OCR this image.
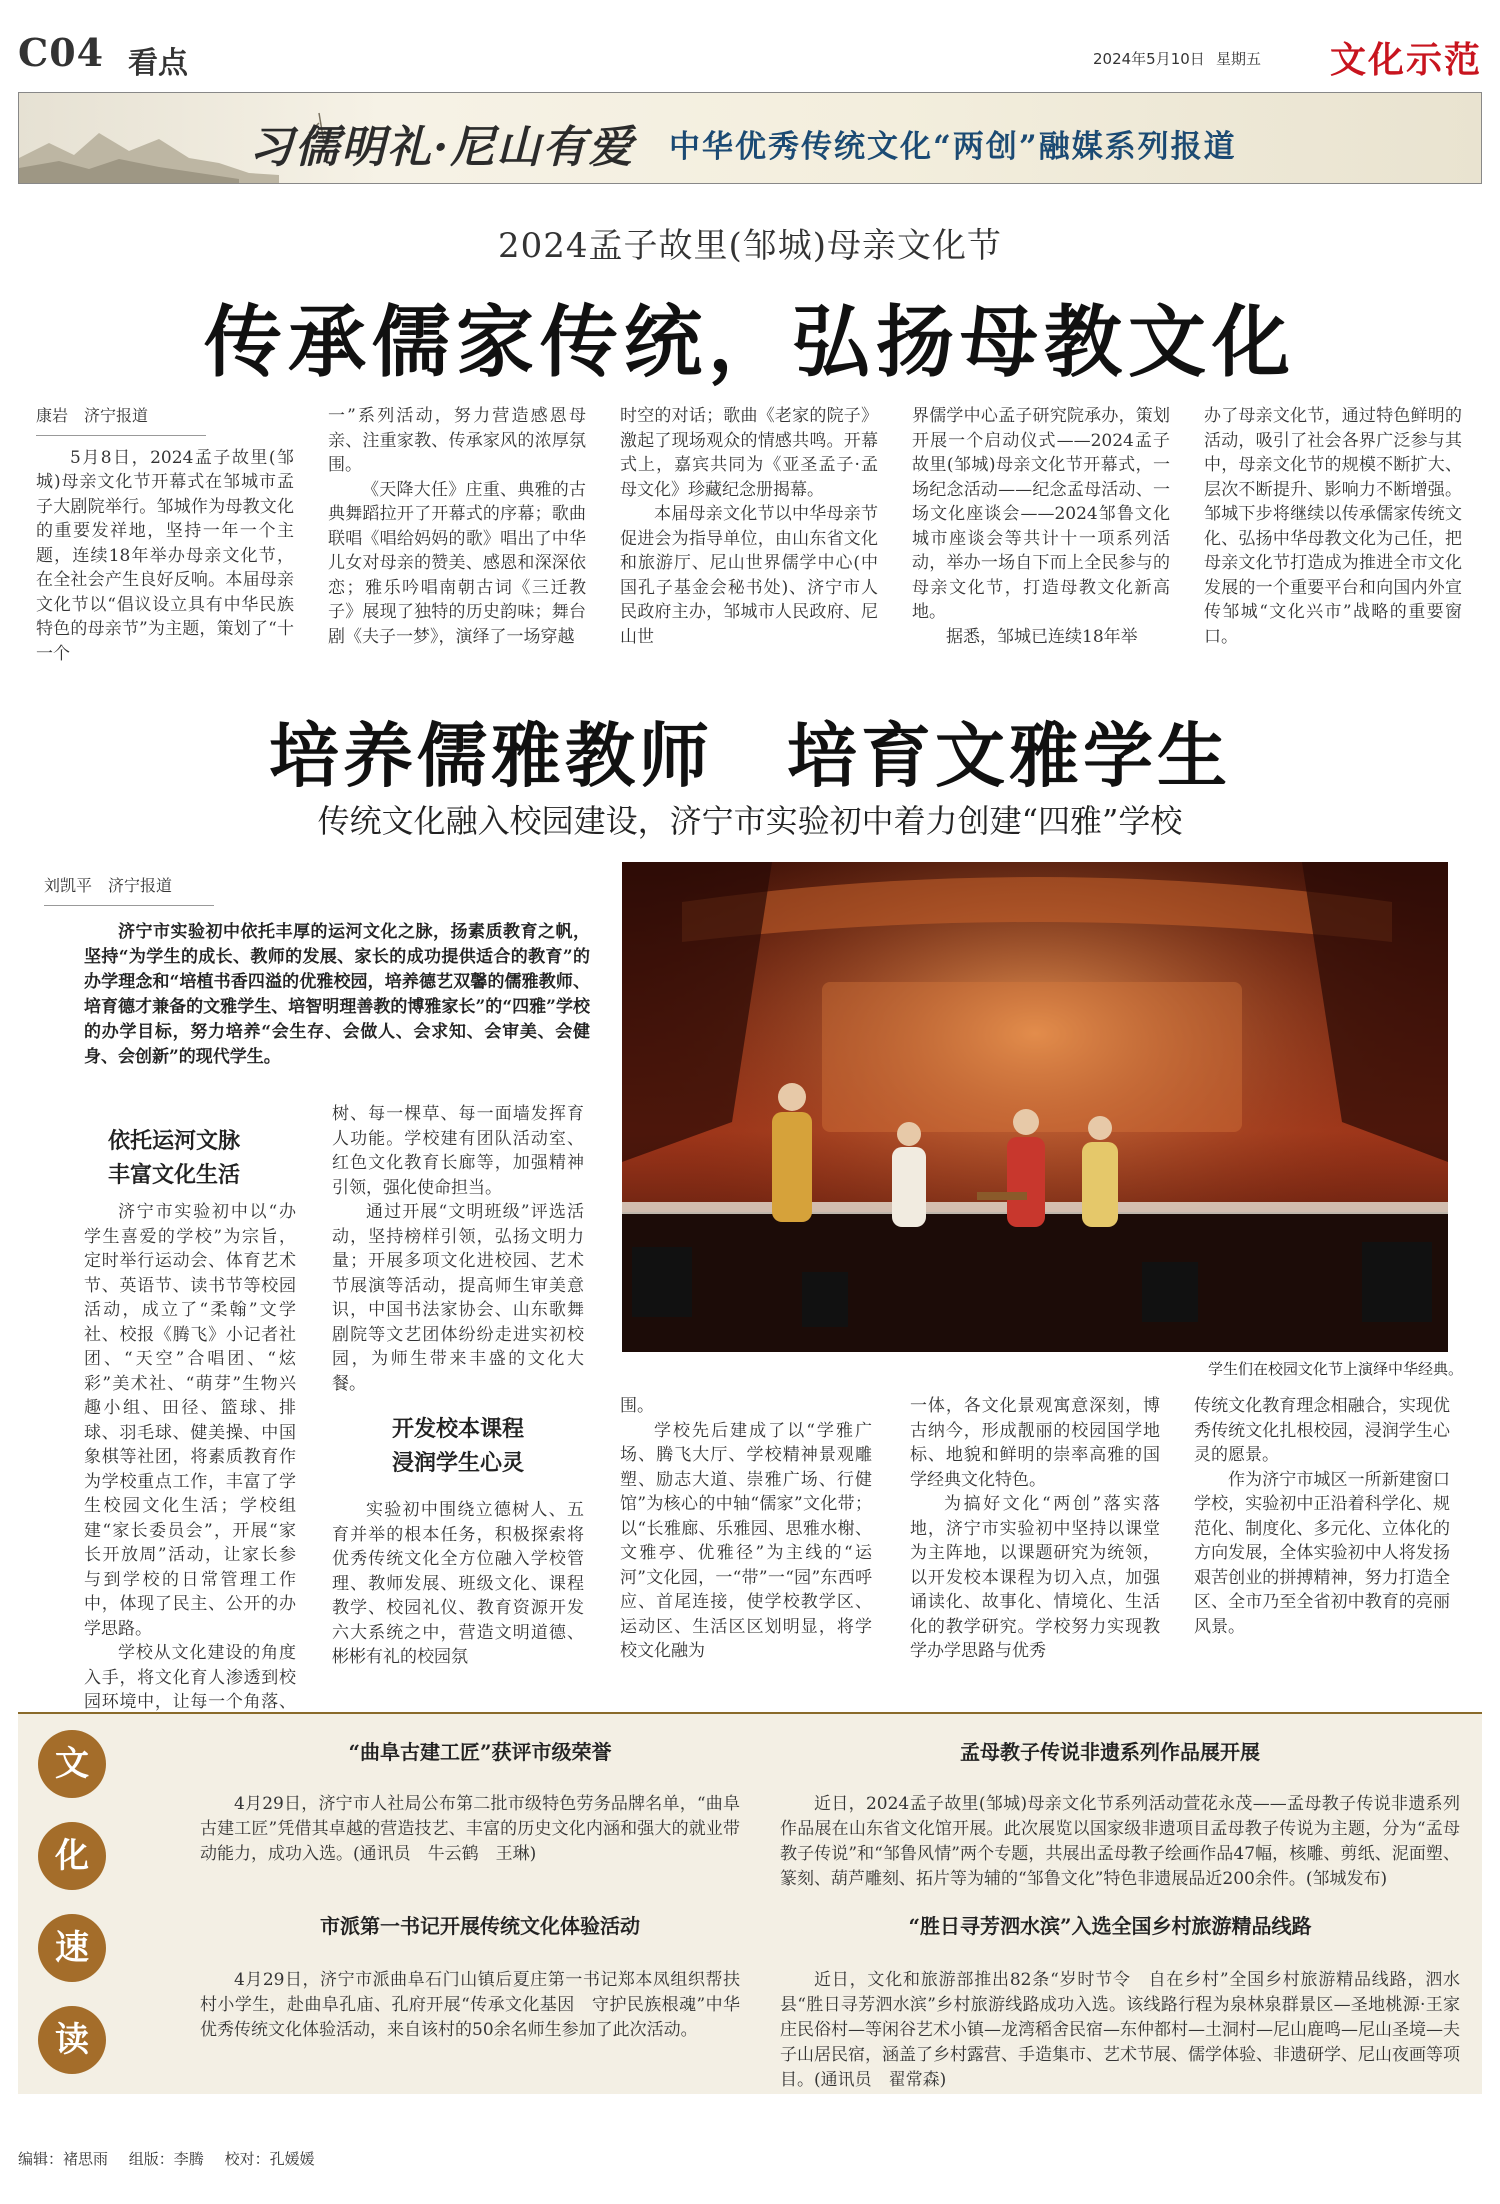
C04 看点	2024年5月10日 星期五 文化示范
习儒明礼·尼山有爱 中华优秀传统文化“两创”融媒系列报道
2024孟子故里(邹城)母亲文化节
传承儒家传统，弘扬母教文化
康岩　济宁报道

5月8日，2024孟子故里(邹城)母亲文化节开幕式在邹城市孟子大剧院举行。邹城作为母教文化的重要发祥地，坚持一年一个主题，连续18年举办母亲文化节，在全社会产生良好反响。本届母亲文化节以“倡议设立具有中华民族特色的母亲节”为主题，策划了“十一个

一”系列活动，努力营造感恩母亲、注重家教、传承家风的浓厚氛围。

《天降大任》庄重、典雅的古典舞蹈拉开了开幕式的序幕；歌曲联唱《唱给妈妈的歌》唱出了中华儿女对母亲的赞美、感恩和深深依恋；雅乐吟唱南朝古词《三迁教子》展现了独特的历史韵味；舞台剧《夫子一梦》，演绎了一场穿越

时空的对话；歌曲《老家的院子》激起了现场观众的情感共鸣。开幕式上，嘉宾共同为《亚圣孟子·孟母文化》珍藏纪念册揭幕。

本届母亲文化节以中华母亲节促进会为指导单位，由山东省文化和旅游厅、尼山世界儒学中心(中国孔子基金会秘书处)、济宁市人民政府主办，邹城市人民政府、尼山世

界儒学中心孟子研究院承办，策划开展一个启动仪式——2024孟子故里(邹城)母亲文化节开幕式，一场纪念活动——纪念孟母活动、一场文化座谈会——2024邹鲁文化城市座谈会等共计十一项系列活动，举办一场自下而上全民参与的母亲文化节，打造母教文化新高地。

据悉，邹城已连续18年举

办了母亲文化节，通过特色鲜明的活动，吸引了社会各界广泛参与其中，母亲文化节的规模不断扩大、层次不断提升、影响力不断增强。邹城下步将继续以传承儒家传统文化、弘扬中华母教文化为己任，把母亲文化节打造成为推进全市文化发展的一个重要平台和向国内外宣传邹城“文化兴市”战略的重要窗口。

培养儒雅教师　培育文雅学生
传统文化融入校园建设，济宁市实验初中着力创建“四雅”学校
刘凯平　济宁报道

济宁市实验初中依托丰厚的运河文化之脉，扬素质教育之帆，坚持“为学生的成长、教师的发展、家长的成功提供适合的教育”的办学理念和“培植书香四溢的优雅校园，培养德艺双馨的儒雅教师、培育德才兼备的文雅学生、培智明理善教的博雅家长”的“四雅”学校的办学目标，努力培养“会生存、会做人、会求知、会审美、会健身、会创新”的现代学生。

学生们在校园文化节上演绎中华经典。
依托运河文脉
丰富文化生活

济宁市实验初中以“办学生喜爱的学校”为宗旨，定时举行运动会、体育艺术节、英语节、读书节等校园活动，成立了“柔翰”文学社、校报《腾飞》小记者社团、“天空”合唱团、“炫彩”美术社、“萌芽”生物兴趣小组、田径、篮球、排球、羽毛球、健美操、中国象棋等社团，将素质教育作为学校重点工作，丰富了学生校园文化生活；学校组建“家长委员会”，开展“家长开放周”活动，让家长参与到学校的日常管理工作中，体现了民主、公开的办学思路。

学校从文化建设的角度入手，将文化育人渗透到校园环境中，让每一个角落、

树、每一棵草、每一面墙发挥育人功能。学校建有团队活动室、红色文化教育长廊等，加强精神引领，强化使命担当。

通过开展“文明班级”评选活动，坚持榜样引领，弘扬文明力量；开展多项文化进校园、艺术节展演等活动，提高师生审美意识，中国书法家协会、山东歌舞剧院等文艺团体纷纷走进实初校园，为师生带来丰盛的文化大餐。

开发校本课程
浸润学生心灵

实验初中围绕立德树人、五育并举的根本任务，积极探索将优秀传统文化全方位融入学校管理、教师发展、班级文化、课程教学、校园礼仪、教育资源开发六大系统之中，营造文明道德、彬彬有礼的校园氛

围。

学校先后建成了以“学雅广场、腾飞大厅、学校精神景观雕塑、励志大道、崇雅广场、行健馆”为核心的中轴“儒家”文化带；以“长雅廊、乐雅园、思雅水榭、文雅亭、优雅径”为主线的“运河”文化园，一“带”一“园”东西呼应、首尾连接，使学校教学区、运动区、生活区区划明显，将学校文化融为

一体，各文化景观寓意深刻，博古纳今，形成靓丽的校园国学地标、地貌和鲜明的崇率高雅的国学经典文化特色。

为搞好文化“两创”落实落地，济宁市实验初中坚持以课堂为主阵地，以课题研究为统领，以开发校本课程为切入点，加强诵读化、故事化、情境化、生活化的教学研究。学校努力实现教学办学思路与优秀

传统文化教育理念相融合，实现优秀传统文化扎根校园，浸润学生心灵的愿景。

作为济宁市城区一所新建窗口学校，实验初中正沿着科学化、规范化、制度化、多元化、立体化的方向发展，全体实验初中人将发扬艰苦创业的拼搏精神，努力打造全区、全市乃至全省初中教育的亮丽风景。

文
化
速
读
“曲阜古建工匠”获评市级荣誉
4月29日，济宁市人社局公布第二批市级特色劳务品牌名单，“曲阜古建工匠”凭借其卓越的营造技艺、丰富的历史文化内涵和强大的就业带动能力，成功入选。(通讯员　牛云鹤　王琳)
市派第一书记开展传统文化体验活动
4月29日，济宁市派曲阜石门山镇后夏庄第一书记郑本凤组织帮扶村小学生，赴曲阜孔庙、孔府开展“传承文化基因　守护民族根魂”中华优秀传统文化体验活动，来自该村的50余名师生参加了此次活动。
孟母教子传说非遗系列作品展开展
近日，2024孟子故里(邹城)母亲文化节系列活动萱花永茂——孟母教子传说非遗系列作品展在山东省文化馆开展。此次展览以国家级非遗项目孟母教子传说为主题，分为“孟母教子传说”和“邹鲁风情”两个专题，共展出孟母教子绘画作品47幅，核雕、剪纸、泥面塑、篆刻、葫芦雕刻、拓片等为辅的“邹鲁文化”特色非遗展品近200余件。(邹城发布)
“胜日寻芳泗水滨”入选全国乡村旅游精品线路
近日，文化和旅游部推出82条“岁时节令　自在乡村”全国乡村旅游精品线路，泗水县“胜日寻芳泗水滨”乡村旅游线路成功入选。该线路行程为泉林泉群景区—圣地桃源·王家庄民俗村—等闲谷艺术小镇—龙湾稻舍民宿—东仲都村—土洞村—尼山鹿鸣—尼山圣境—夫子山居民宿，涵盖了乡村露营、手造集市、艺术节展、儒学体验、非遗研学、尼山夜画等项目。(通讯员　翟常森)
编辑：褚思雨 组版：李腾 校对：孔媛媛
